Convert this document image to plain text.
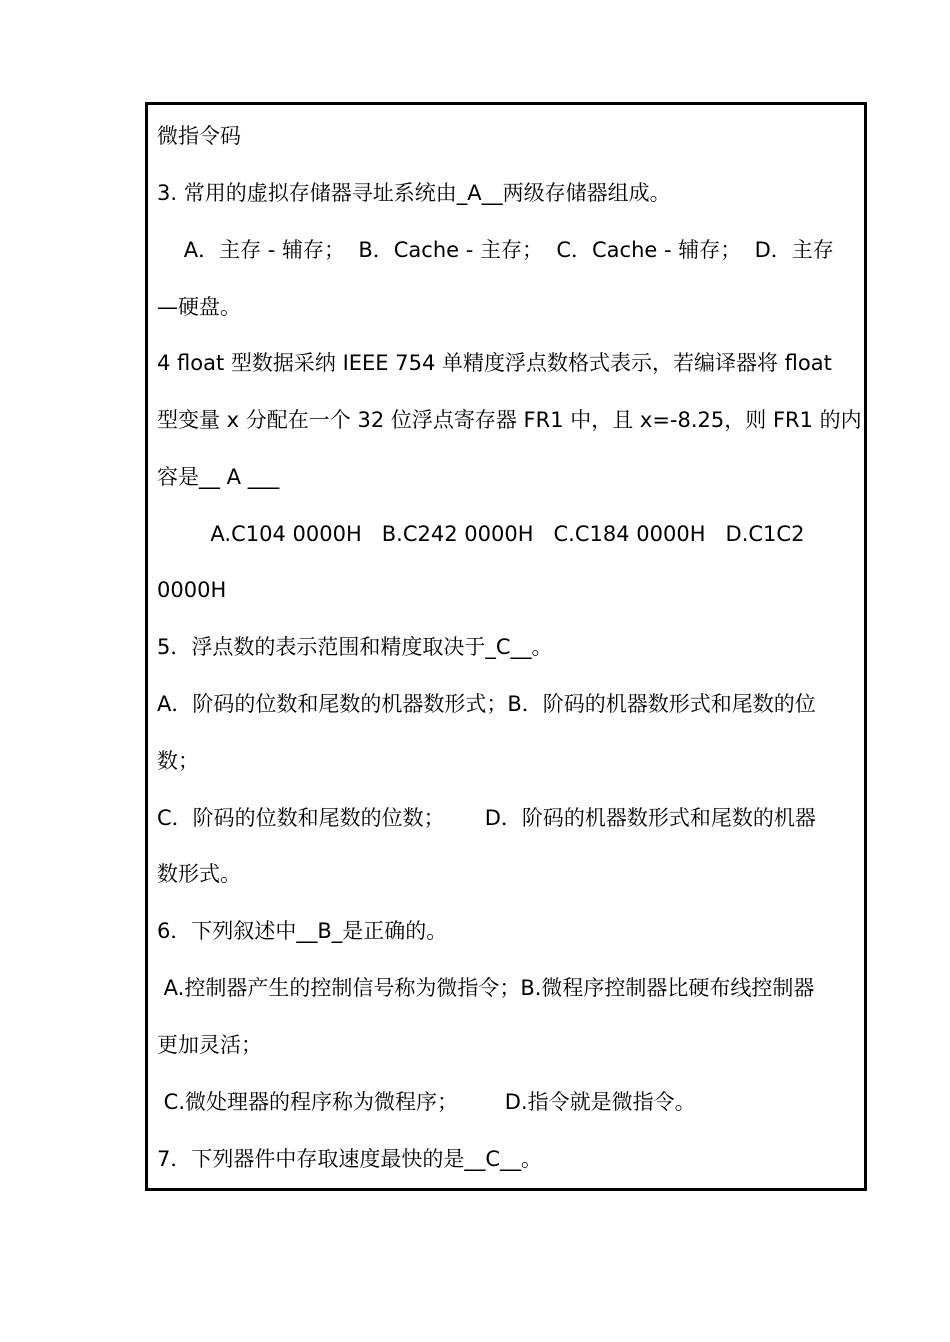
微指令码
3. 常用的虚拟存储器寻址系统由_A__两级存储器组成。
A．主存 - 辅存；  B．Cache - 主存；  C．Cache - 辅存；  D．主存
—硬盘。
4 float 型数据采纳 IEEE 754 单精度浮点数格式表示，若编译器将 float
型变量 x 分配在一个 32 位浮点寄存器 FR1 中，且 x=-8.25，则 FR1 的内
容是__ A ___
A.C104 0000H   B.C242 0000H   C.C184 0000H   D.C1C2
0000H
5．浮点数的表示范围和精度取决于_C__。
A．阶码的位数和尾数的机器数形式；B．阶码的机器数形式和尾数的位
数；
C．阶码的位数和尾数的位数；      D．阶码的机器数形式和尾数的机器
数形式。
6．下列叙述中__B_是正确的。
A.控制器产生的控制信号称为微指令；B.微程序控制器比硬布线控制器
更加灵活；
C.微处理器的程序称为微程序；       D.指令就是微指令。
7．下列器件中存取速度最快的是__C__。
